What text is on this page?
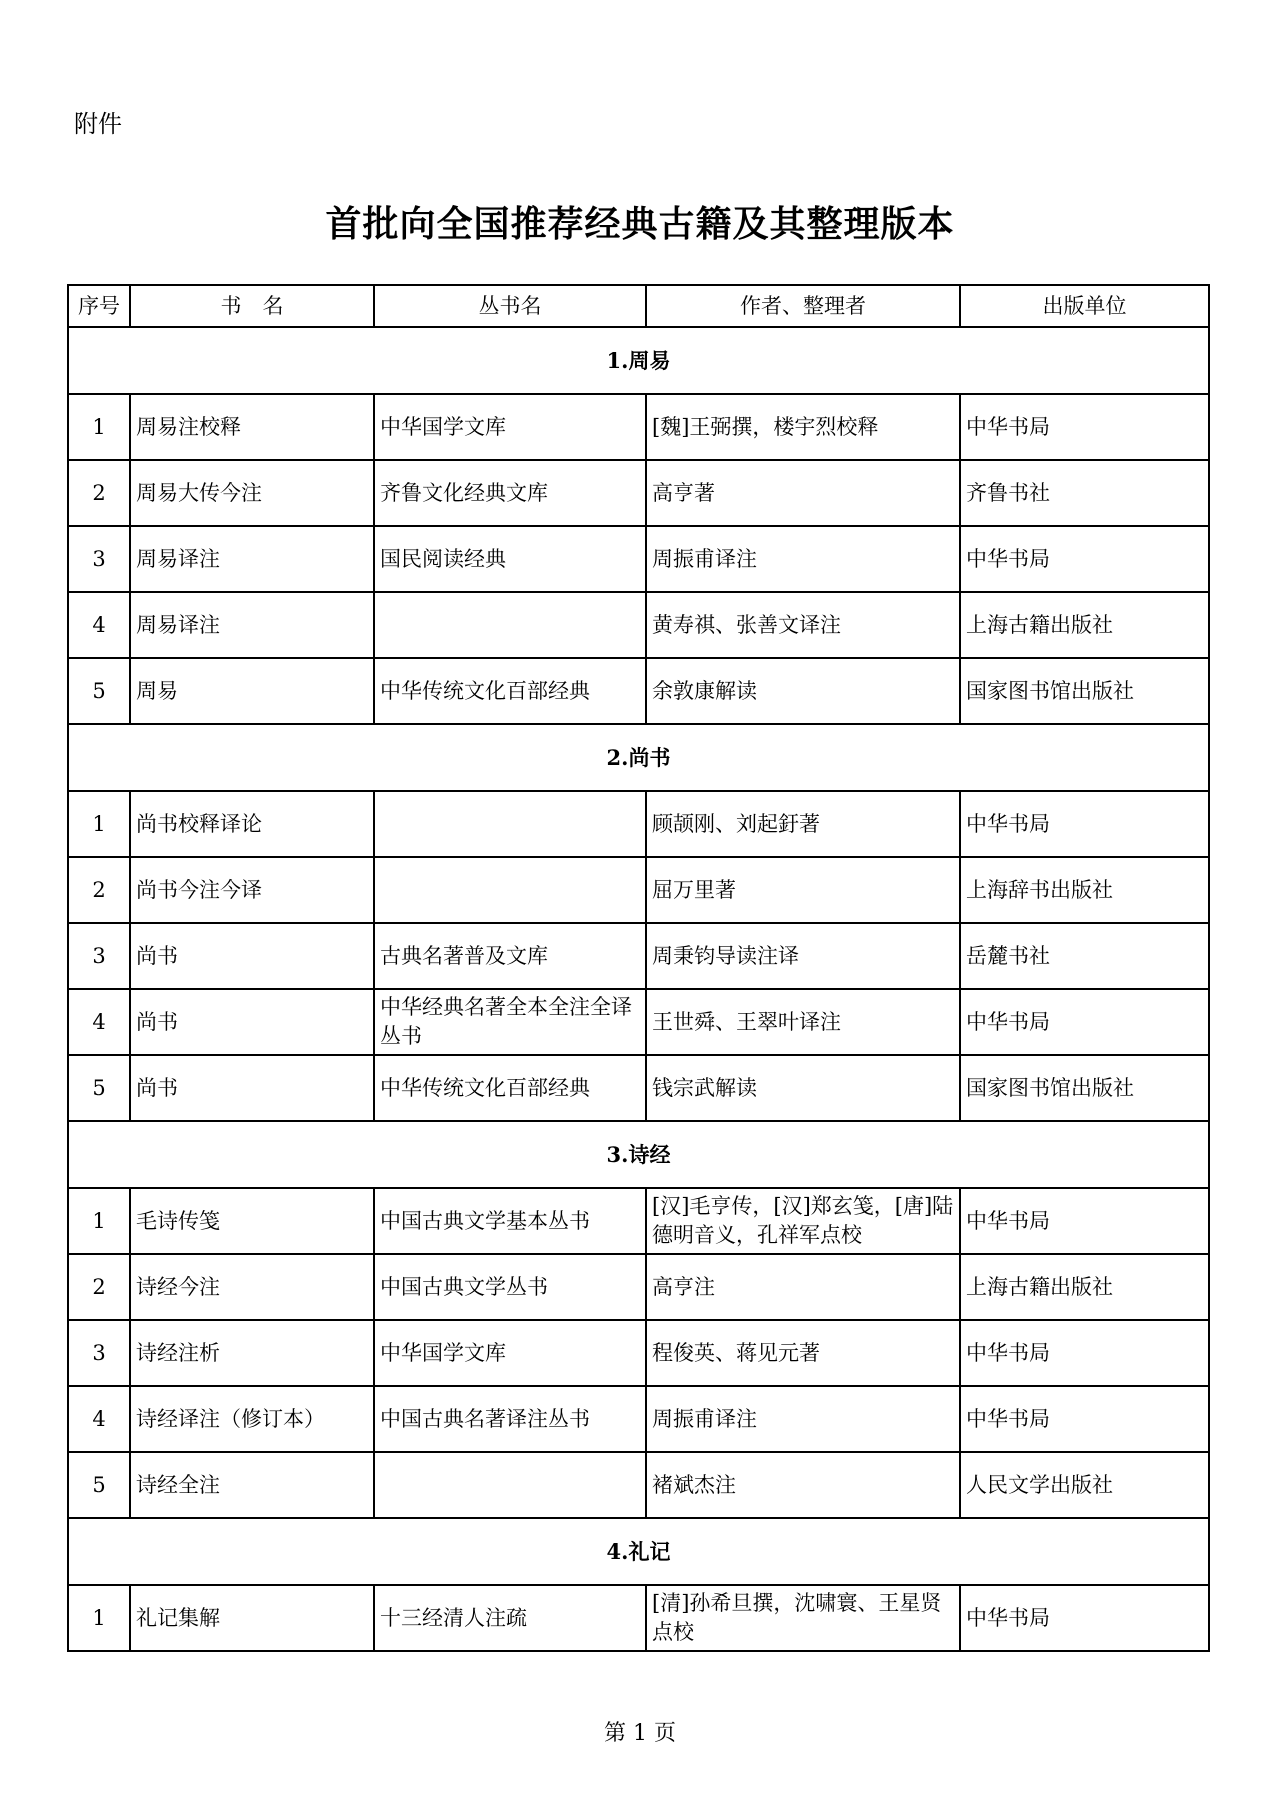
附件
首批向全国推荐经典古籍及其整理版本
序号	书　名	丛书名	作者、整理者	出版单位
1.周易				
1	周易注校释	中华国学文库	[魏]王弼撰，楼宇烈校释	中华书局
2	周易大传今注	齐鲁文化经典文库	高亨著	齐鲁书社
3	周易译注	国民阅读经典	周振甫译注	中华书局
4	周易译注		黄寿祺、张善文译注	上海古籍出版社
5	周易	中华传统文化百部经典	余敦康解读	国家图书馆出版社
2.尚书				
1	尚书校释译论		顾颉刚、刘起釪著	中华书局
2	尚书今注今译		屈万里著	上海辞书出版社
3	尚书	古典名著普及文库	周秉钧导读注译	岳麓书社
4	尚书	中华经典名著全本全注全译丛书	王世舜、王翠叶译注	中华书局
5	尚书	中华传统文化百部经典	钱宗武解读	国家图书馆出版社
3.诗经				
1	毛诗传笺	中国古典文学基本丛书	[汉]毛亨传，[汉]郑玄笺，[唐]陆德明音义，孔祥军点校	中华书局
2	诗经今注	中国古典文学丛书	高亨注	上海古籍出版社
3	诗经注析	中华国学文库	程俊英、蒋见元著	中华书局
4	诗经译注（修订本）	中国古典名著译注丛书	周振甫译注	中华书局
5	诗经全注		褚斌杰注	人民文学出版社
4.礼记				
1	礼记集解	十三经清人注疏	[清]孙希旦撰，沈啸寰、王星贤点校	中华书局
第 1 页
